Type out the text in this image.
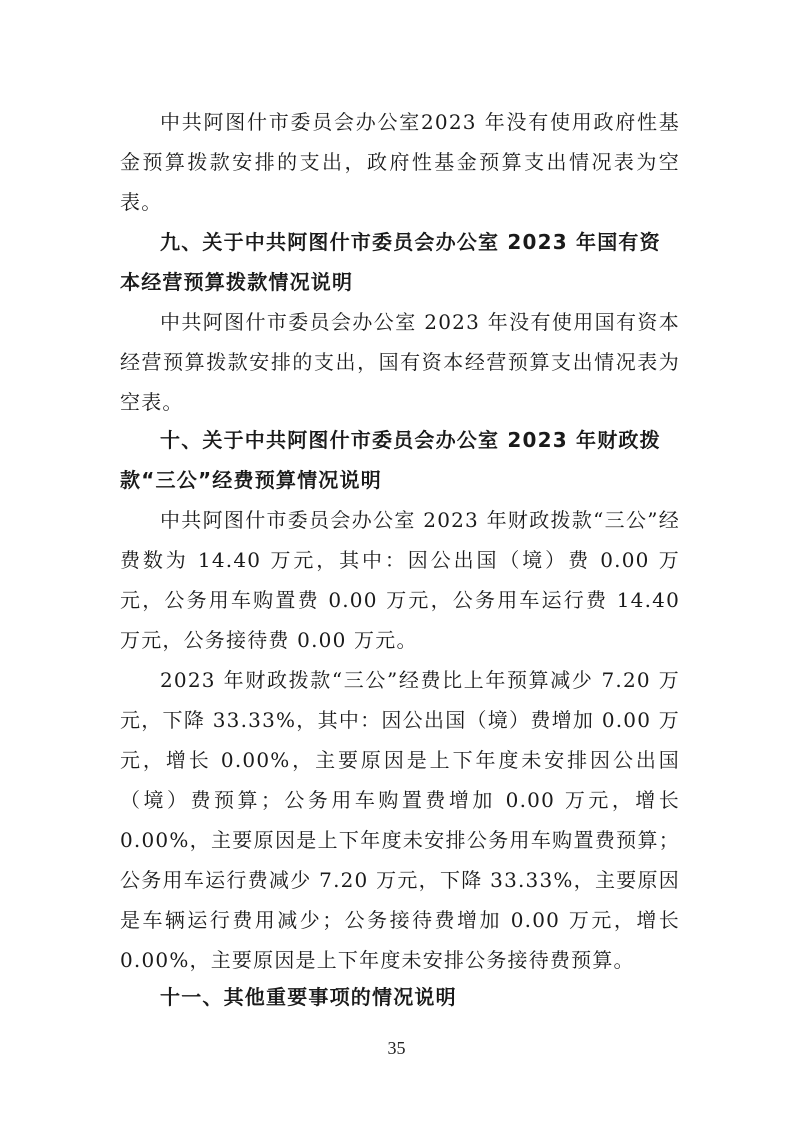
中共阿图什市委员会办公室2023 年没有使用政府性基金预算拨款安排的支出，政府性基金预算支出情况表为空表。

九、关于中共阿图什市委员会办公室 2023 年国有资本经营预算拨款情况说明

中共阿图什市委员会办公室 2023 年没有使用国有资本经营预算拨款安排的支出，国有资本经营预算支出情况表为空表。

十、关于中共阿图什市委员会办公室 2023 年财政拨款“三公”经费预算情况说明

中共阿图什市委员会办公室 2023 年财政拨款“三公”经费数为 14.40 万元，其中：因公出国（境）费 0.00 万元，公务用车购置费 0.00 万元，公务用车运行费 14.40 万元，公务接待费 0.00 万元。

2023 年财政拨款“三公”经费比上年预算减少 7.20 万元，下降 33.33%，其中：因公出国（境）费增加 0.00 万元，增长 0.00%，主要原因是上下年度未安排因公出国（境）费预算；公务用车购置费增加 0.00 万元，增长 0.00%，主要原因是上下年度未安排公务用车购置费预算；公务用车运行费减少 7.20 万元，下降 33.33%，主要原因是车辆运行费用减少；公务接待费增加 0.00 万元，增长 0.00%，主要原因是上下年度未安排公务接待费预算。

十一、其他重要事项的情况说明
35
